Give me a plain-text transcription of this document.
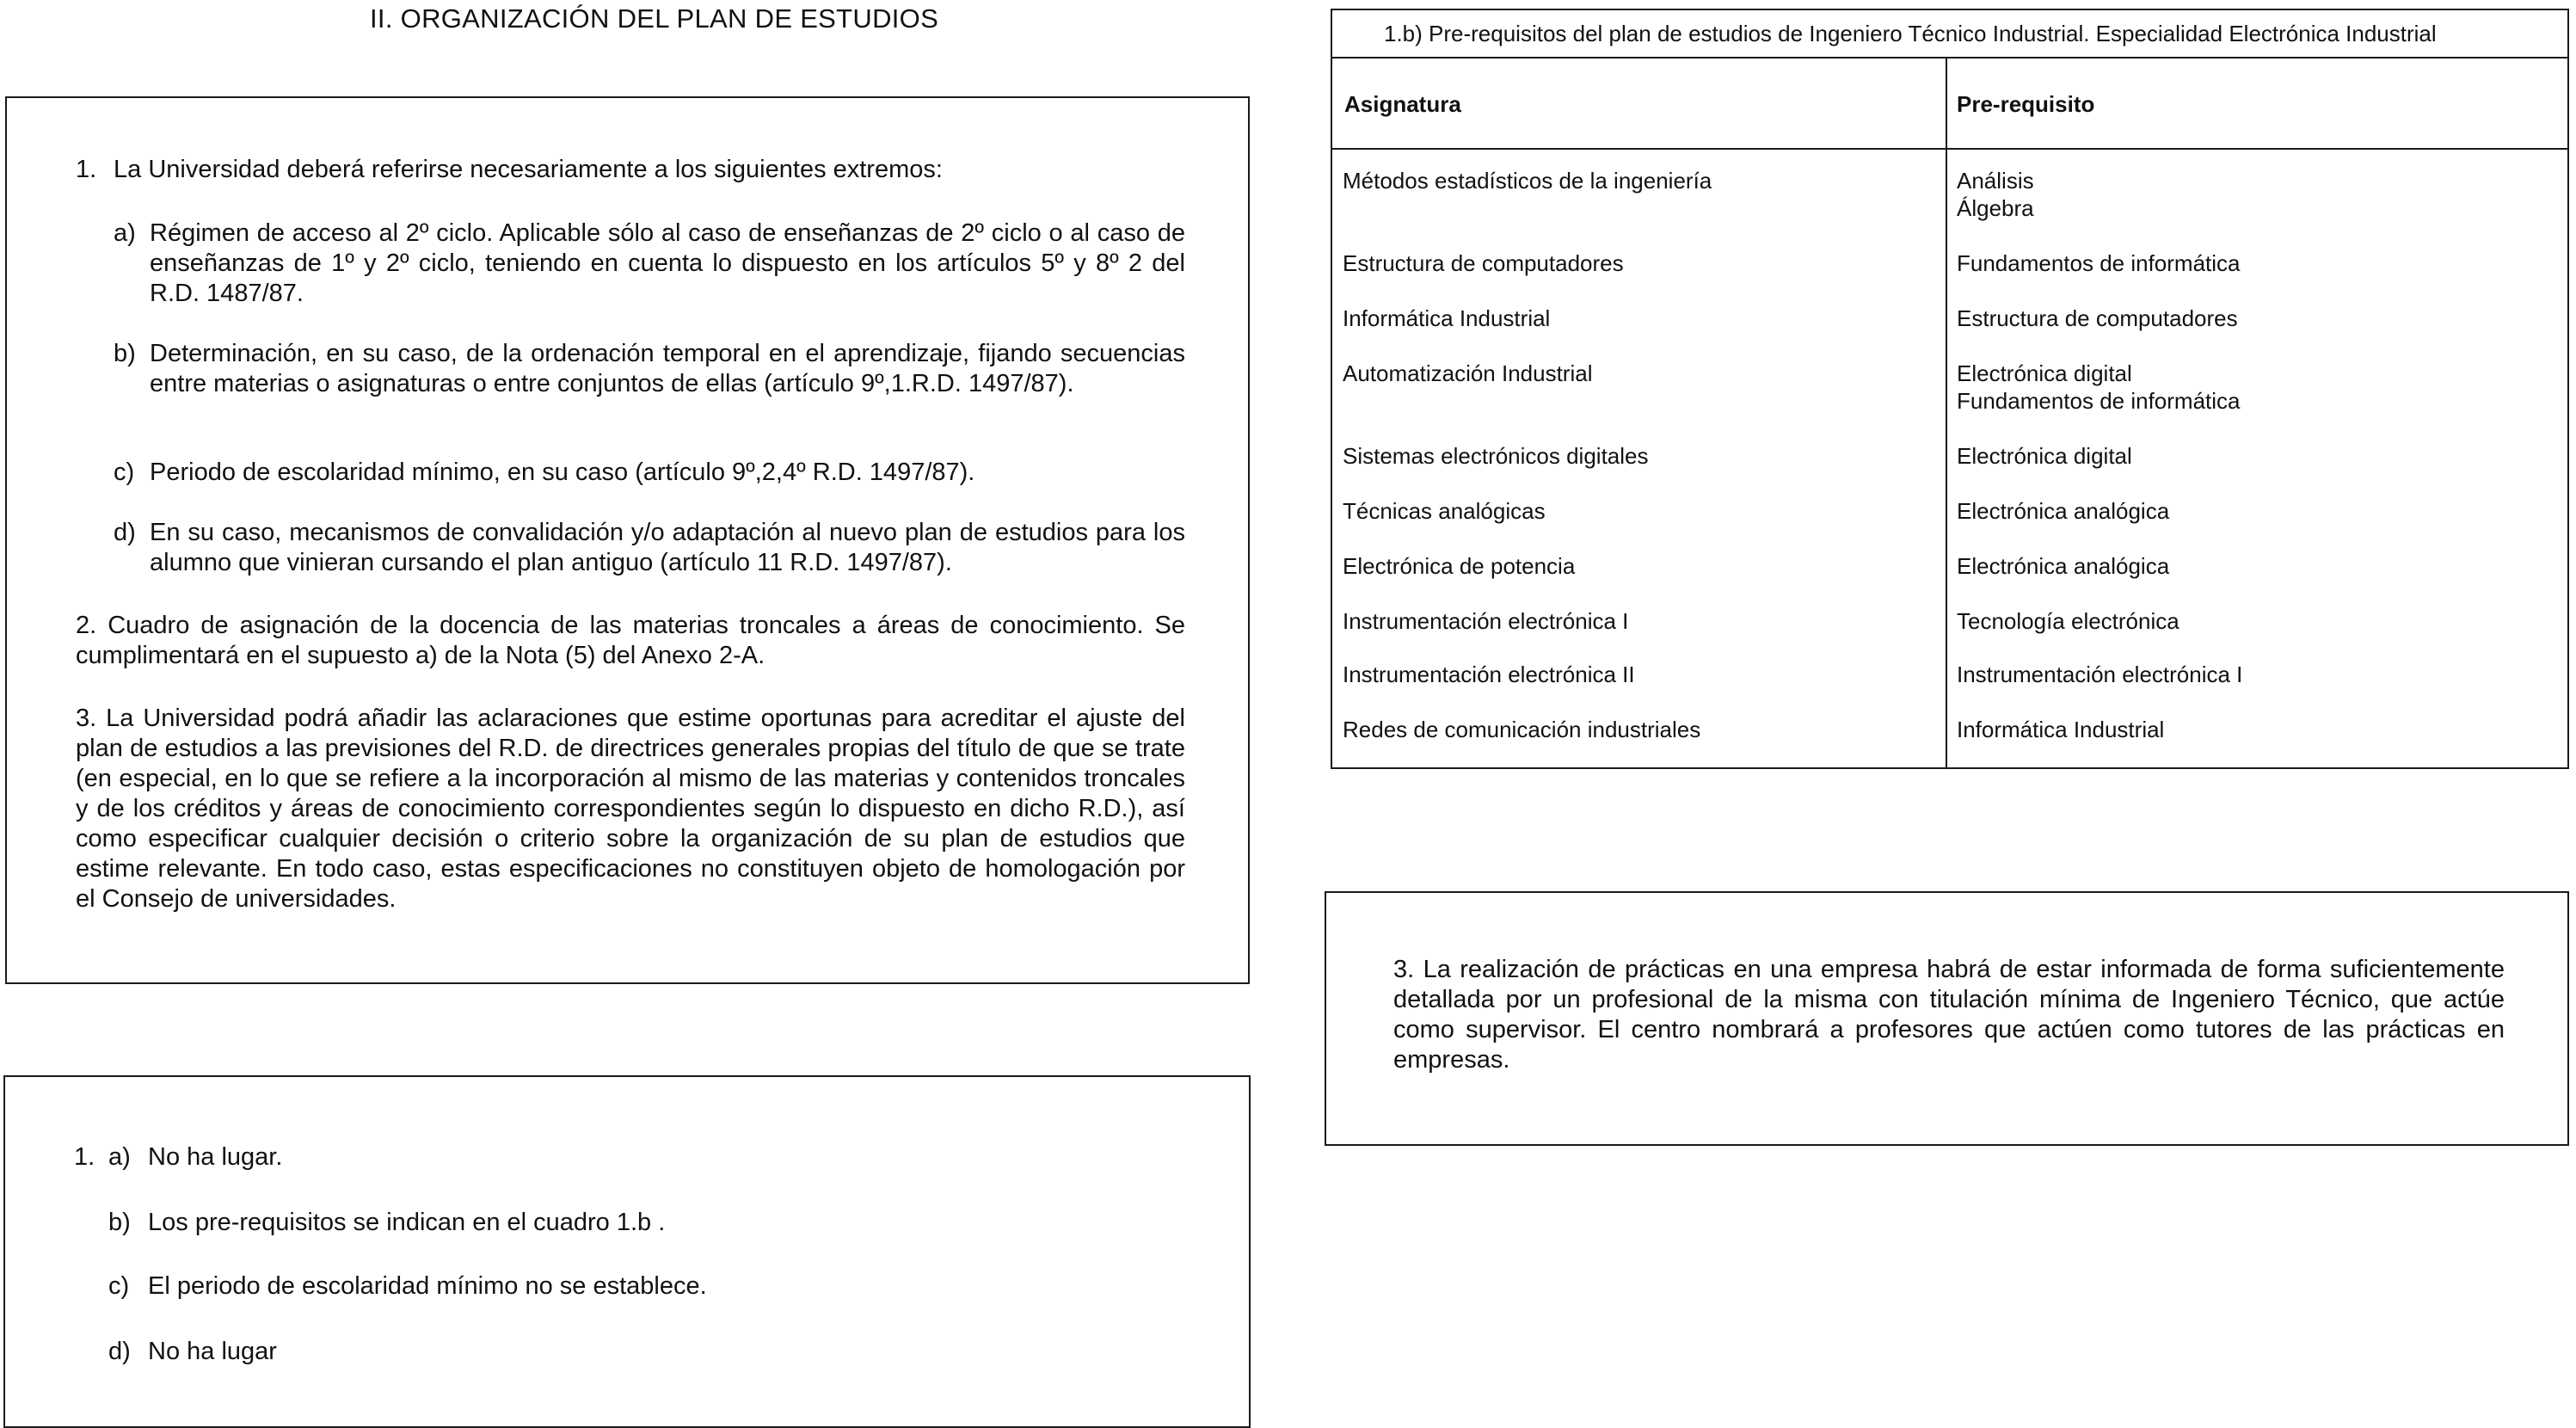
II. ORGANIZACIÓN DEL PLAN DE ESTUDIOS
1. La Universidad deberá referirse necesariamente a los siguientes extremos:
a) Régimen de acceso al 2º ciclo. Aplicable sólo al caso de enseñanzas de 2º ciclo o al caso de enseñanzas de 1º y 2º ciclo, teniendo en cuenta lo dispuesto en los artículos 5º y 8º 2 del R.D. 1487/87.
b) Determinación, en su caso, de la ordenación temporal en el aprendizaje, fijando secuencias entre materias o asignaturas o entre conjuntos de ellas (artículo 9º,1.R.D. 1497/87).
c) Periodo de escolaridad mínimo, en su caso (artículo 9º,2,4º R.D. 1497/87).
d) En su caso, mecanismos de convalidación y/o adaptación al nuevo plan de estudios para los alumno que vinieran cursando el plan antiguo (artículo 11 R.D. 1497/87).
2. Cuadro de asignación de la docencia de las materias troncales a áreas de conocimiento. Se cumplimentará en el supuesto a) de la Nota (5) del Anexo 2-A.
3. La Universidad podrá añadir las aclaraciones que estime oportunas para acreditar el ajuste del plan de estudios a las previsiones del R.D. de directrices generales propias del título de que se trate (en especial, en lo que se refiere a la incorporación al mismo de las materias y contenidos troncales y de los créditos y áreas de conocimiento correspondientes según lo dispuesto en dicho R.D.), así como especificar cualquier decisión o criterio sobre la organización de su plan de estudios que estime relevante. En todo caso, estas especificaciones no constituyen objeto de homologación por el Consejo de universidades.
1. a) No ha lugar.
b) Los pre-requisitos se indican en el cuadro 1.b .
c) El periodo de escolaridad mínimo no se establece.
d) No ha lugar
1.b) Pre-requisitos del plan de estudios de Ingeniero Técnico Industrial. Especialidad Electrónica Industrial
Asignatura	Pre-requisito
Métodos estadísticos de la ingeniería	Análisis
Álgebra
Estructura de computadores	Fundamentos de informática
Informática Industrial	Estructura de computadores
Automatización Industrial	Electrónica digital
Fundamentos de informática
Sistemas electrónicos digitales	Electrónica digital
Técnicas analógicas	Electrónica analógica
Electrónica de potencia	Electrónica analógica
Instrumentación electrónica I	Tecnología electrónica
Instrumentación electrónica II	Instrumentación electrónica I
Redes de comunicación industriales	Informática Industrial
3. La realización de prácticas en una empresa habrá de estar informada de forma suficientemente detallada por un profesional de la misma con titulación mínima de Ingeniero Técnico, que actúe como supervisor. El centro nombrará a profesores que actúen como tutores de las prácticas en empresas.
